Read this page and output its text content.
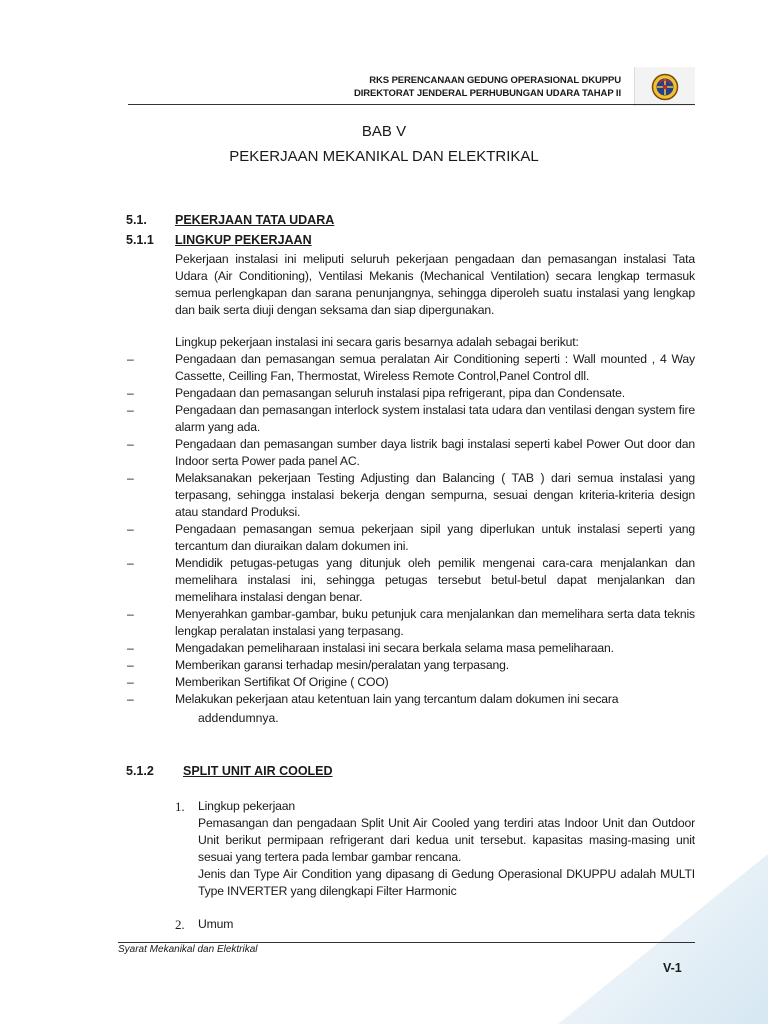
RKS PERENCANAAN GEDUNG OPERASIONAL DKUPPU
DIREKTORAT JENDERAL PERHUBUNGAN UDARA TAHAP II
BAB V
PEKERJAAN MEKANIKAL DAN ELEKTRIKAL
5.1. PEKERJAAN TATA UDARA
5.1.1 LINGKUP PEKERJAAN
Pekerjaan instalasi ini meliputi seluruh pekerjaan pengadaan dan pemasangan instalasi Tata Udara (Air Conditioning), Ventilasi Mekanis (Mechanical Ventilation) secara lengkap termasuk semua perlengkapan dan sarana penunjangnya, sehingga diperoleh suatu instalasi yang lengkap dan baik serta diuji dengan seksama dan siap dipergunakan.
Lingkup pekerjaan instalasi ini secara garis besarnya adalah sebagai berikut:
–	Pengadaan dan pemasangan semua peralatan Air Conditioning seperti : Wall mounted , 4 Way Cassette, Ceilling Fan, Thermostat, Wireless Remote Control,Panel Control dll.
–	Pengadaan dan pemasangan seluruh instalasi pipa refrigerant, pipa dan Condensate.
–	Pengadaan dan pemasangan interlock system instalasi tata udara dan ventilasi dengan system fire alarm yang ada.
–	Pengadaan dan pemasangan sumber daya listrik bagi instalasi seperti kabel Power Out door dan Indoor serta Power pada panel AC.
–	Melaksanakan pekerjaan Testing Adjusting dan Balancing ( TAB ) dari semua instalasi yang terpasang, sehingga instalasi bekerja dengan sempurna, sesuai dengan kriteria-kriteria design atau standard Produksi.
–	Pengadaan pemasangan semua pekerjaan sipil yang diperlukan untuk instalasi seperti yang tercantum dan diuraikan dalam dokumen ini.
–	Mendidik petugas-petugas yang ditunjuk oleh pemilik mengenai cara-cara menjalankan dan memelihara instalasi ini, sehingga petugas tersebut betul-betul dapat menjalankan dan memelihara instalasi dengan benar.
–	Menyerahkan gambar-gambar, buku petunjuk cara menjalankan dan memelihara serta data teknis lengkap peralatan instalasi yang terpasang.
–	Mengadakan pemeliharaan instalasi ini secara berkala selama masa pemeliharaan.
–	Memberikan garansi terhadap mesin/peralatan yang terpasang.
–	Memberikan Sertifikat Of Origine ( COO)
–	Melakukan pekerjaan atau ketentuan lain yang tercantum dalam dokumen ini secara
addendumnya.
5.1.2 SPLIT UNIT AIR COOLED
1.	Lingkup pekerjaan
Pemasangan dan pengadaan Split Unit Air Cooled yang terdiri atas Indoor Unit dan Outdoor Unit berikut permipaan refrigerant dari kedua unit tersebut. kapasitas masing-masing unit sesuai yang tertera pada lembar gambar rencana.
Jenis dan Type Air Condition yang dipasang di Gedung Operasional DKUPPU adalah MULTI Type INVERTER yang dilengkapi Filter Harmonic
2.	Umum
Syarat Mekanikal dan Elektrikal
V-1
